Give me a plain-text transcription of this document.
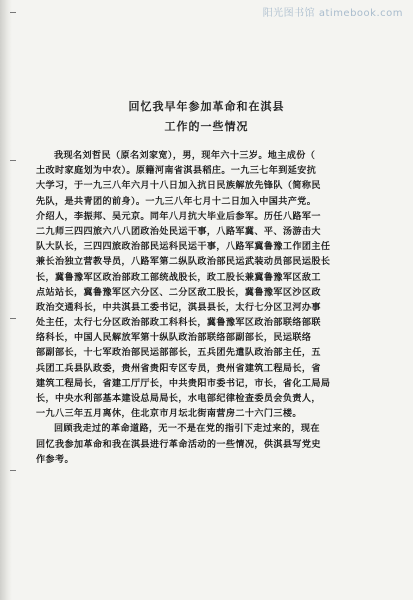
阳光图书馆 atimebook.com
回忆我早年参加革命和在淇县
工作的一些情况
我现名刘哲民（原名刘家宽），男，现年六十三岁。地主成份（
土改时家庭划为中农）。原籍河南省淇县稻庄。一九三七年到延安抗
大学习，于一九三八年六月十八日加入抗日民族解放先锋队（简称民
先队，是共青团的前身）。一九三八年七月十二日加入中国共产党。
介绍人，李振邦、吴元京。同年八月抗大毕业后参军。历任八路军一
二九师三四四旅六八八团政治处民运干事，八路军冀、平、汤游击大
队大队长，三四四旅政治部民运科民运干事，八路军冀鲁豫工作团主任
兼长治独立营教导员，八路军第二纵队政治部民运武装动员部民运股长
长，冀鲁豫军区政治部政工部统战股长，政工股长兼冀鲁豫军区敌工
点站站长，冀鲁豫军区六分区、二分区敌工股长，冀鲁豫军区沙区政
政治交通科长，中共淇县工委书记，淇县县长，太行七分区卫河办事
处主任，太行七分区政治部政工科科长，冀鲁豫军区政治部联络部联
络科长，中国人民解放军第十纵队政治部联络部副部长，民运联络
部副部长，十七军政治部民运部部长，五兵团先遣队政治部主任，五
兵团工兵县队政委，贵州省贵阳专区专员，贵州省建筑工程局长，省
建筑工程局长，省建工厅厅长，中共贵阳市委书记，市长，省化工局局
长，中央水利部基本建设总局局长，水电部纪律检查委员会负责人，
一九八三年五月离休，住北京市月坛北街南营房二十六门三楼。
回顾我走过的革命道路，无一不是在党的指引下走过来的，现在
回忆我参加革命和我在淇县进行革命活动的一些情况，供淇县写党史
作参考。
